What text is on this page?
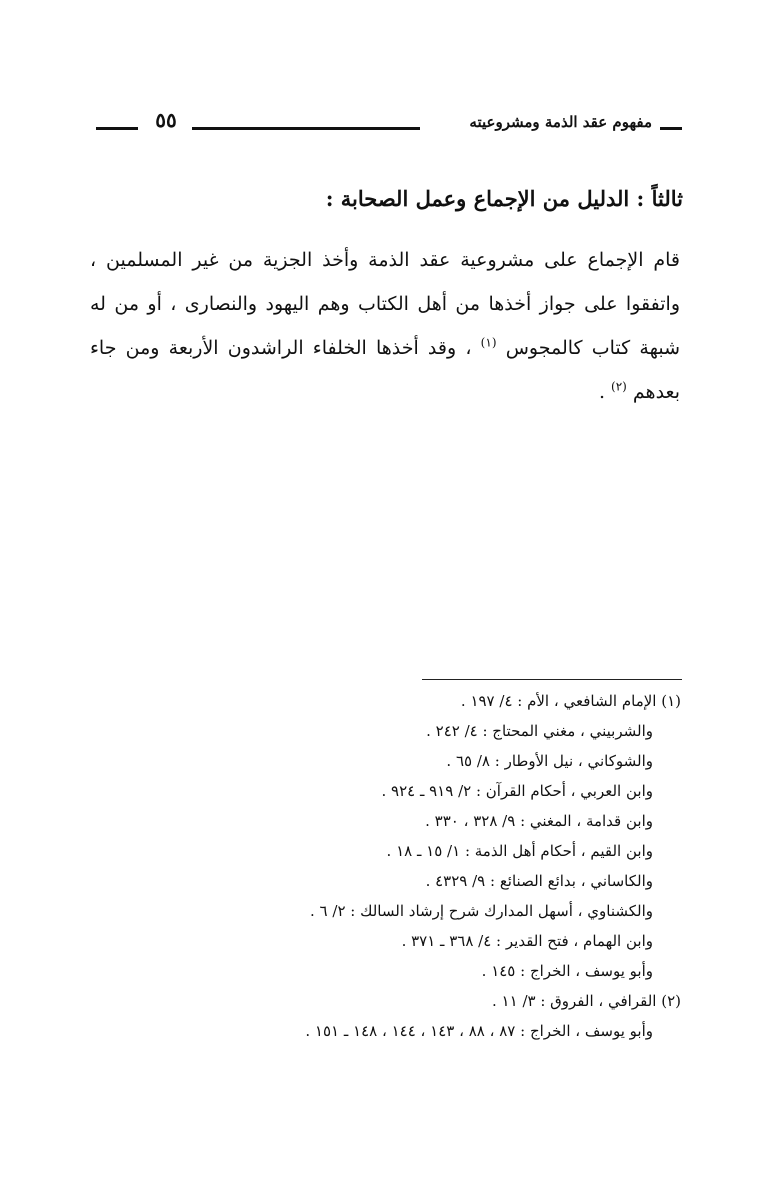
مفهوم عقد الذمة ومشروعيته
٥٥
ثالثاً : الدليل من الإجماع وعمل الصحابة :

قام الإجماع على مشروعية عقد الذمة وأخذ الجزية من غير المسلمين ، واتفقوا على جواز أخذها من أهل الكتاب وهم اليهود والنصارى ، أو من له شبهة كتاب كالمجوس $^{(١)}$ ، وقد أخذها الخلفاء الراشدون الأربعة ومن جاء بعدهم $^{(٢)}$ .

(١) الإمام الشافعي ، الأم : ٤/ ١٩٧ .
والشربيني ، مغني المحتاج : ٤/ ٢٤٢ .
والشوكاني ، نيل الأوطار : ٨/ ٦٥ .
وابن العربي ، أحكام القرآن : ٢/ ٩١٩ ـ ٩٢٤ .
وابن قدامة ، المغني : ٩/ ٣٢٨ ، ٣٣٠ .
وابن القيم ، أحكام أهل الذمة : ١/ ١٥ ـ ١٨ .
والكاساني ، بدائع الصنائع : ٩/ ٤٣٢٩ .
والكشناوي ، أسهل المدارك شرح إرشاد السالك : ٢/ ٦ .
وابن الهمام ، فتح القدير : ٤/ ٣٦٨ ـ ٣٧١ .
وأبو يوسف ، الخراج : ١٤٥ .
(٢) القرافي ، الفروق : ٣/ ١١ .
وأبو يوسف ، الخراج : ٨٧ ، ٨٨ ، ١٤٣ ، ١٤٤ ، ١٤٨ ـ ١٥١ .
